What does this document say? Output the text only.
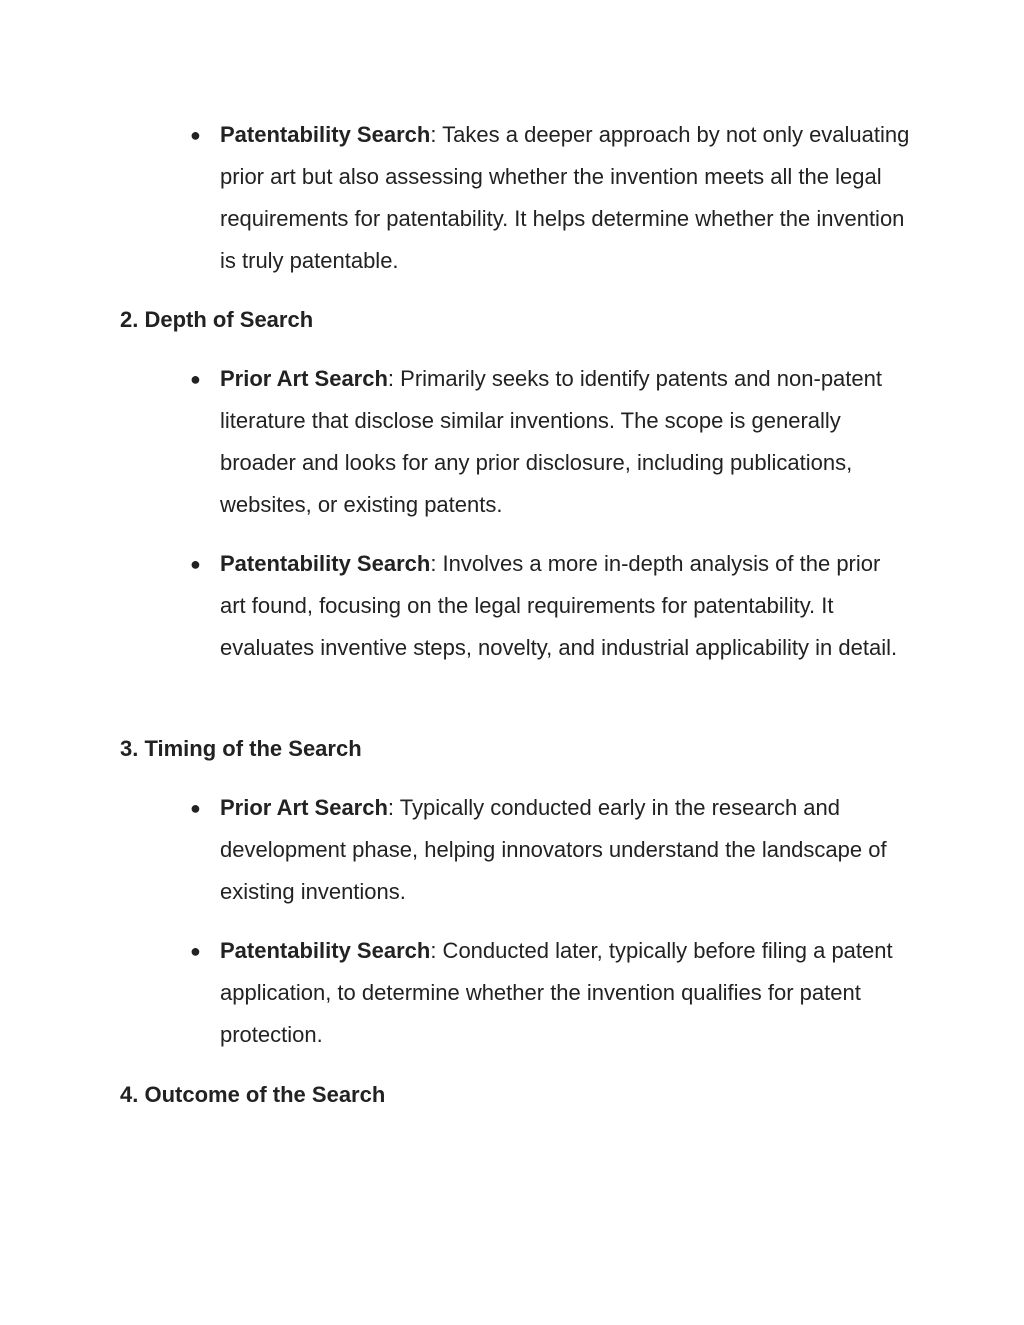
● Patentability Search: Takes a deeper approach by not only evaluating prior art but also assessing whether the invention meets all the legal requirements for patentability. It helps determine whether the invention is truly patentable.
2. Depth of Search
● Prior Art Search: Primarily seeks to identify patents and non-patent literature that disclose similar inventions. The scope is generally broader and looks for any prior disclosure, including publications, websites, or existing patents.
● Patentability Search: Involves a more in-depth analysis of the prior art found, focusing on the legal requirements for patentability. It evaluates inventive steps, novelty, and industrial applicability in detail.
3. Timing of the Search
● Prior Art Search: Typically conducted early in the research and development phase, helping innovators understand the landscape of existing inventions.
● Patentability Search: Conducted later, typically before filing a patent application, to determine whether the invention qualifies for patent protection.
4. Outcome of the Search
